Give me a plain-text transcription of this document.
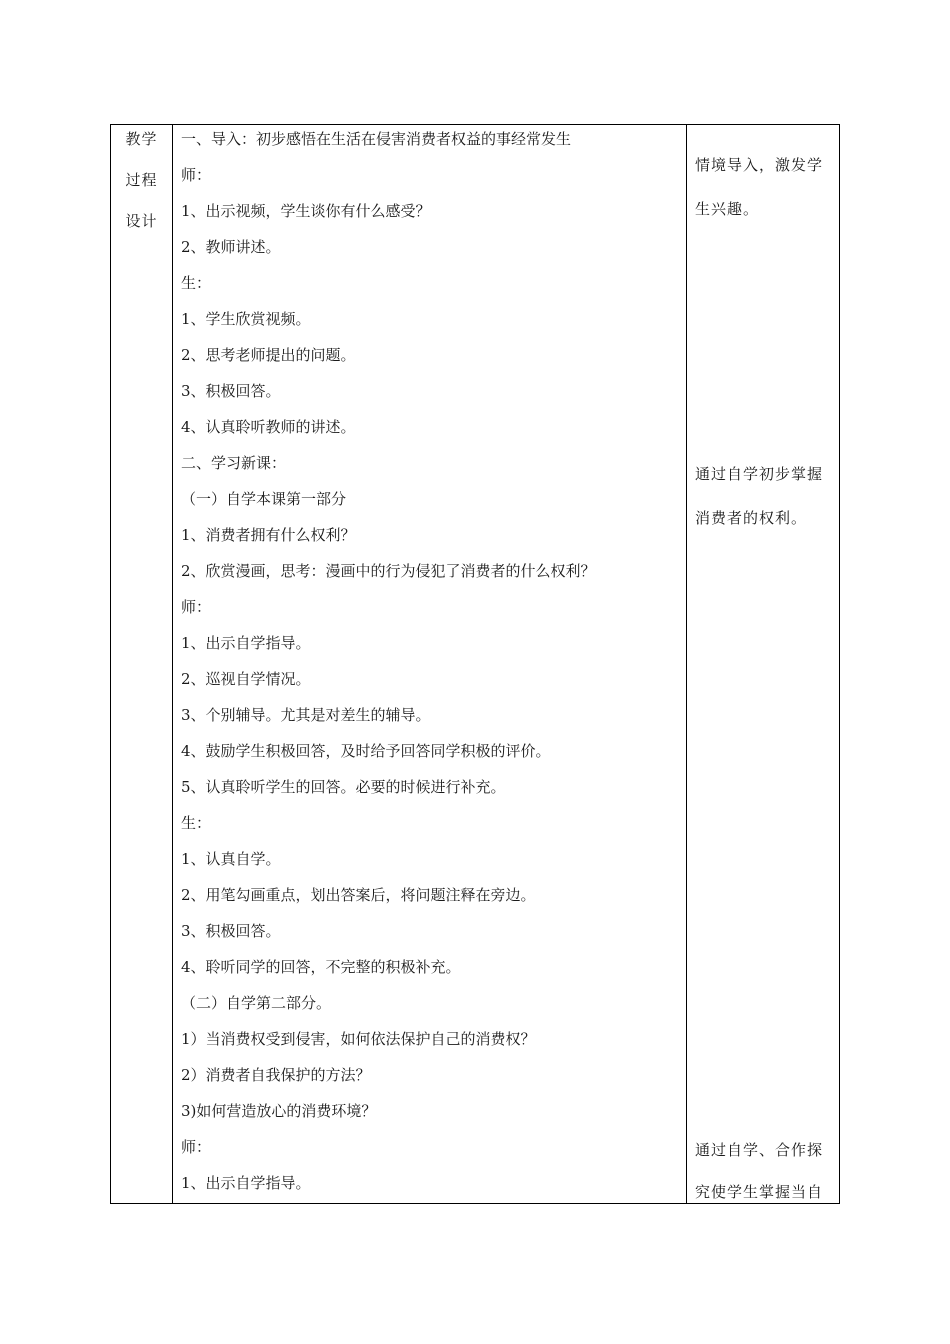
教学
过程
设计
一、导入：初步感悟在生活在侵害消费者权益的事经常发生
师：
1、出示视频，学生谈你有什么感受？
2、教师讲述。
生：
1、学生欣赏视频。
2、思考老师提出的问题。
3、积极回答。
4、认真聆听教师的讲述。
二、学习新课：
（一）自学本课第一部分
1、消费者拥有什么权利？
2、欣赏漫画，思考：漫画中的行为侵犯了消费者的什么权利？
师：
1、出示自学指导。
2、巡视自学情况。
3、个别辅导。尤其是对差生的辅导。
4、鼓励学生积极回答，及时给予回答同学积极的评价。
5、认真聆听学生的回答。必要的时候进行补充。
生：
1、认真自学。
2、用笔勾画重点，划出答案后，将问题注释在旁边。
3、积极回答。
4、聆听同学的回答，不完整的积极补充。
（二）自学第二部分。
1）当消费权受到侵害，如何依法保护自己的消费权？
2）消费者自我保护的方法？
3)如何营造放心的消费环境？
师：
1、出示自学指导。
情境导入，激发学
生兴趣。
通过自学初步掌握
消费者的权利。
通过自学、合作探
究使学生掌握当自
